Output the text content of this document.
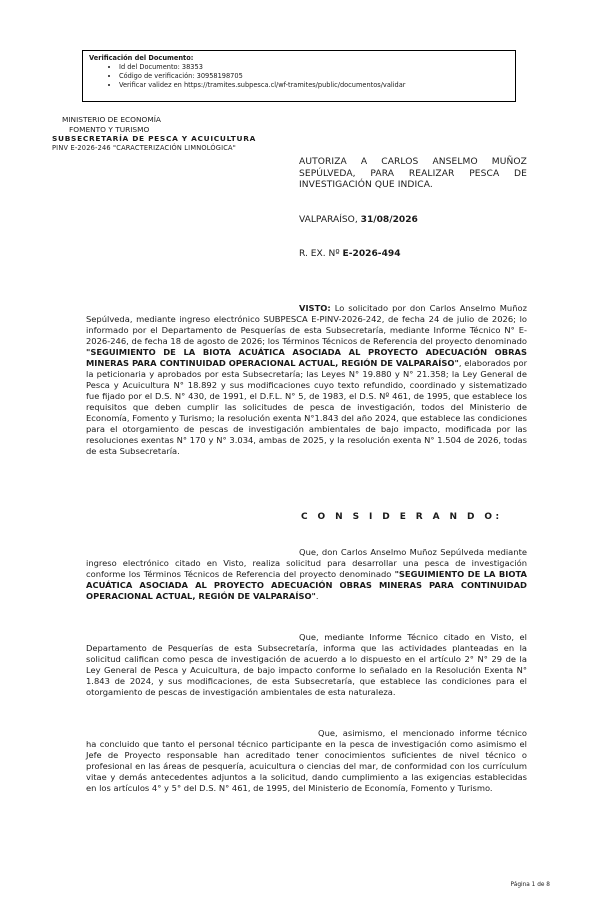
Verificación del Documento:
• Id del Documento: 38353
• Código de verificación: 30958198705
• Verificar validez en https://tramites.subpesca.cl/wf-tramites/public/documentos/validar
MINISTERIO DE ECONOMÍA
FOMENTO Y TURISMO
SUBSECRETARÍA DE PESCA Y ACUICULTURA
PINV E-2026-246 "CARACTERIZACIÓN LIMNOLÓGICA"
AUTORIZA A CARLOS ANSELMO MUÑOZ SEPÚLVEDA, PARA REALIZAR PESCA DE INVESTIGACIÓN QUE INDICA.
VALPARAÍSO, 31/08/2026
R. EX. Nº E-2026-494

VISTO: Lo solicitado por don Carlos Anselmo Muñoz Sepúlveda, mediante ingreso electrónico SUBPESCA E-PINV-2026-242, de fecha 24 de julio de 2026; lo informado por el Departamento de Pesquerías de esta Subsecretaría, mediante Informe Técnico N° E-2026-246, de fecha 18 de agosto de 2026; los Términos Técnicos de Referencia del proyecto denominado "SEGUIMIENTO DE LA BIOTA ACUÁTICA ASOCIADA AL PROYECTO ADECUACIÓN OBRAS MINERAS PARA CONTINUIDAD OPERACIONAL ACTUAL, REGIÓN DE VALPARAÍSO", elaborados por la peticionaria y aprobados por esta Subsecretaría; las Leyes N° 19.880 y N° 21.358; la Ley General de Pesca y Acuicultura N° 18.892 y sus modificaciones cuyo texto refundido, coordinado y sistematizado fue fijado por el D.S. N° 430, de 1991, el D.F.L. N° 5, de 1983, el D.S. Nº 461, de 1995, que establece los requisitos que deben cumplir las solicitudes de pesca de investigación, todos del Ministerio de Economía, Fomento y Turismo; la resolución exenta N°1.843 del año 2024, que establece las condiciones para el otorgamiento de pescas de investigación ambientales de bajo impacto, modificada por las resoluciones exentas N° 170 y N° 3.034, ambas de 2025, y la resolución exenta N° 1.504 de 2026, todas de esta Subsecretaría.

C O N S I D E R A N D O:

Que, don Carlos Anselmo Muñoz Sepúlveda mediante ingreso electrónico citado en Visto, realiza solicitud para desarrollar una pesca de investigación conforme los Términos Técnicos de Referencia del proyecto denominado "SEGUIMIENTO DE LA BIOTA ACUÁTICA ASOCIADA AL PROYECTO ADECUACIÓN OBRAS MINERAS PARA CONTINUIDAD OPERACIONAL ACTUAL, REGIÓN DE VALPARAÍSO".

Que, mediante Informe Técnico citado en Visto, el Departamento de Pesquerías de esta Subsecretaría, informa que las actividades planteadas en la solicitud califican como pesca de investigación de acuerdo a lo dispuesto en el artículo 2° N° 29 de la Ley General de Pesca y Acuicultura, de bajo impacto conforme lo señalado en la Resolución Exenta N° 1.843 de 2024, y sus modificaciones, de esta Subsecretaría, que establece las condiciones para el otorgamiento de pescas de investigación ambientales de esta naturaleza.

Que, asimismo, el mencionado informe técnico ha concluido que tanto el personal técnico participante en la pesca de investigación como asimismo el Jefe de Proyecto responsable han acreditado tener conocimientos suficientes de nivel técnico o profesional en las áreas de pesquería, acuicultura o ciencias del mar, de conformidad con los currículum vitae y demás antecedentes adjuntos a la solicitud, dando cumplimiento a las exigencias establecidas en los artículos 4° y 5° del D.S. N° 461, de 1995, del Ministerio de Economía, Fomento y Turismo.

Página 1 de 8
